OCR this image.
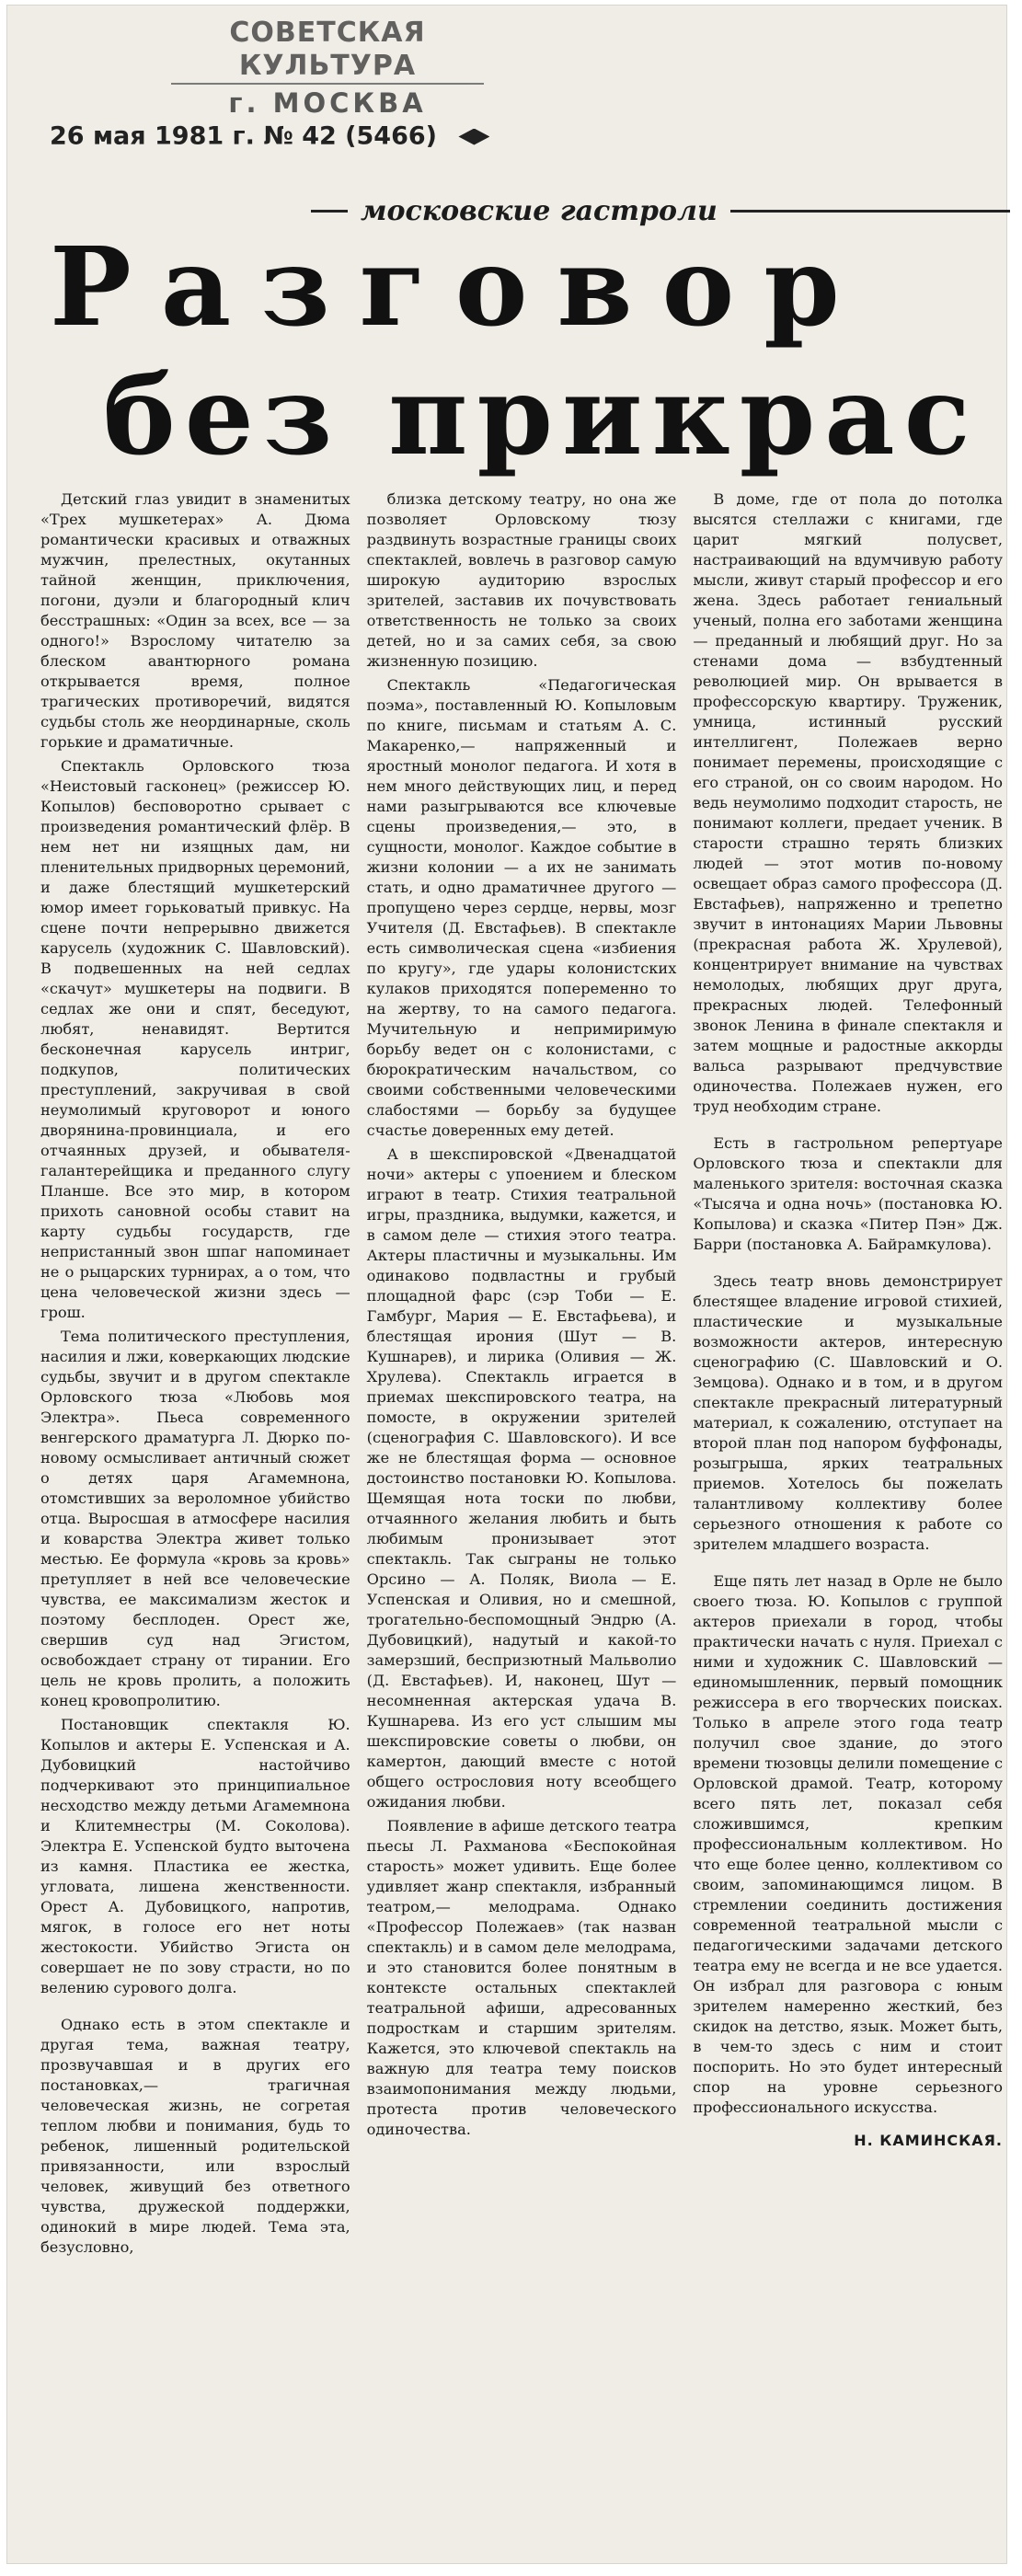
СОВЕТСКАЯ КУЛЬТУРА
г. МОСКВА
26 мая 1981 г. № 42 (5466)
московские гастроли
Разговор
без прикрас

Детский глаз увидит в знаменитых «Трех мушкетерах» А. Дюма романтически красивых и отважных мужчин, прелестных, окутанных тайной женщин, приключения, погони, дуэли и благородный клич бесстрашных: «Один за всех, все — за одного!» Взрослому читателю за блеском авантюрного романа открывается время, полное трагических противоречий, видятся судьбы столь же неординарные, сколь горькие и драматичные.

Спектакль Орловского тюза «Неистовый гасконец» (режиссер Ю. Копылов) бесповоротно срывает с произведения романтический флёр. В нем нет ни изящных дам, ни пленительных придворных церемоний, и даже блестящий мушкетерский юмор имеет горьковатый привкус. На сцене почти непрерывно движется карусель (художник С. Шавловский). В подвешенных на ней седлах «скачут» мушкетеры на подвиги. В седлах же они и спят, беседуют, любят, ненавидят. Вертится бесконечная карусель интриг, подкупов, политических преступлений, закручивая в свой неумолимый круговорот и юного дворянина-провинциала, и его отчаянных друзей, и обывателя-галантерейщика и преданного слугу Планше. Все это мир, в котором прихоть сановной особы ставит на карту судьбы государств, где непристанный звон шпаг напоминает не о рыцарских турнирах, а о том, что цена человеческой жизни здесь — грош.

Тема политического преступления, насилия и лжи, коверкающих людские судьбы, звучит и в другом спектакле Орловского тюза «Любовь моя Электра». Пьеса современного венгерского драматурга Л. Дюрко по-новому осмысливает античный сюжет о детях царя Агамемнона, отомстивших за вероломное убийство отца. Выросшая в атмосфере насилия и коварства Электра живет только местью. Ее формула «кровь за кровь» претупляет в ней все человеческие чувства, ее максимализм жесток и поэтому бесплоден. Орест же, свершив суд над Эгистом, освобождает страну от тирании. Его цель не кровь пролить, а положить конец кровопролитию.

Постановщик спектакля Ю. Копылов и актеры Е. Успенская и А. Дубовицкий настойчиво подчеркивают это принципиальное несходство между детьми Агамемнона и Клитемнестры (М. Соколова). Электра Е. Успенской будто выточена из камня. Пластика ее жестка, угловата, лишена женственности. Орест А. Дубовицкого, напротив, мягок, в голосе его нет ноты жестокости. Убийство Эгиста он совершает не по зову страсти, но по велению сурового долга.

Однако есть в этом спектакле и другая тема, важная театру, прозвучавшая и в других его постановках,— трагичная человеческая жизнь, не согретая теплом любви и понимания, будь то ребенок, лишенный родительской привязанности, или взрослый человек, живущий без ответного чувства, дружеской поддержки, одинокий в мире людей. Тема эта, безусловно,

близка детскому театру, но она же позволяет Орловскому тюзу раздвинуть возрастные границы своих спектаклей, вовлечь в разговор самую широкую аудиторию взрослых зрителей, заставив их почувствовать ответственность не только за своих детей, но и за самих себя, за свою жизненную позицию.

Спектакль «Педагогическая поэма», поставленный Ю. Копыловым по книге, письмам и статьям А. С. Макаренко,— напряженный и яростный монолог педагога. И хотя в нем много действующих лиц, и перед нами разыгрываются все ключевые сцены произведения,— это, в сущности, монолог. Каждое событие в жизни колонии — а их не занимать стать, и одно драматичнее другого — пропущено через сердце, нервы, мозг Учителя (Д. Евстафьев). В спектакле есть символическая сцена «избиения по кругу», где удары колонистских кулаков приходятся попеременно то на жертву, то на самого педагога. Мучительную и непримиримую борьбу ведет он с колонистами, с бюрократическим начальством, со своими собственными человеческими слабостями — борьбу за будущее счастье доверенных ему детей.

А в шекспировской «Двенадцатой ночи» актеры с упоением и блеском играют в театр. Стихия театральной игры, праздника, выдумки, кажется, и в самом деле — стихия этого театра. Актеры пластичны и музыкальны. Им одинаково подвластны и грубый площадной фарс (сэр Тоби — Е. Гамбург, Мария — Е. Евстафьева), и блестящая ирония (Шут — В. Кушнарев), и лирика (Оливия — Ж. Хрулева). Спектакль играется в приемах шекспировского театра, на помосте, в окружении зрителей (сценография С. Шавловского). И все же не блестящая форма — основное достоинство постановки Ю. Копылова. Щемящая нота тоски по любви, отчаянного желания любить и быть любимым пронизывает этот спектакль. Так сыграны не только Орсино — А. Поляк, Виола — Е. Успенская и Оливия, но и смешной, трогательно-беспомощный Эндрю (А. Дубовицкий), надутый и какой-то замерзший, беспризютный Мальволио (Д. Евстафьев). И, наконец, Шут — несомненная актерская удача В. Кушнарева. Из его уст слышим мы шекспировские советы о любви, он камертон, дающий вместе с нотой общего остроcловия ноту всеобщего ожидания любви.

Появление в афише детского театра пьесы Л. Рахманова «Беспокойная старость» может удивить. Еще более удивляет жанр спектакля, избранный театром,— мелодрама. Однако «Профессор Полежаев» (так назван спектакль) и в самом деле мелодрама, и это становится более понятным в контексте остальных спектаклей театральной афиши, адресованных подросткам и старшим зрителям. Кажется, это ключевой спектакль на важную для театра тему поисков взаимопонимания между людьми, протеста против человеческого одиночества.

В доме, где от пола до потолка высятся стеллажи с книгами, где царит мягкий полусвет, настраивающий на вдумчивую работу мысли, живут старый профессор и его жена. Здесь работает гениальный ученый, полна его заботами женщина — преданный и любящий друг. Но за стенами дома — взбудтенный революцией мир. Он врывается в профессорскую квартиру. Труженик, умница, истинный русский интеллигент, Полежаев верно понимает перемены, происходящие с его страной, он со своим народом. Но ведь неумолимо подходит старость, не понимают коллеги, предает ученик. В старости страшно терять близких людей — этот мотив по-новому освещает образ самого профессора (Д. Евстафьев), напряженно и трепетно звучит в интонациях Марии Львовны (прекрасная работа Ж. Хрулевой), концентрирует внимание на чувствах немолодых, любящих друг друга, прекрасных людей. Телефонный звонок Ленина в финале спектакля и затем мощные и радостные аккорды вальса разрывают предчувствие одиночества. Полежаев нужен, его труд необходим стране.

Есть в гастрольном репертуаре Орловского тюза и спектакли для маленького зрителя: восточная сказка «Тысяча и одна ночь» (постановка Ю. Копылова) и сказка «Питер Пэн» Дж. Барри (постановка А. Байрамкулова).

Здесь театр вновь демонстрирует блестящее владение игровой стихией, пластические и музыкальные возможности актеров, интересную сценографию (С. Шавловский и О. Земцова). Однако и в том, и в другом спектакле прекрасный литературный материал, к сожалению, отступает на второй план под напором буффонады, розыгрыша, ярких театральных приемов. Хотелось бы пожелать талантливому коллективу более серьезного отношения к работе со зрителем младшего возраста.

Еще пять лет назад в Орле не было своего тюза. Ю. Копылов с группой актеров приехали в город, чтобы практически начать с нуля. Приехал с ними и художник С. Шавловский — единомышленник, первый помощник режиссера в его творческих поисках. Только в апреле этого года театр получил свое здание, до этого времени тюзовцы делили помещение с Орловской драмой. Театр, которому всего пять лет, показал себя сложившимся, крепким профессиональным коллективом. Но что еще более ценно, коллективом со своим, запоминающимся лицом. В стремлении соединить достижения современной театральной мысли с педагогическими задачами детского театра ему не всегда и не все удается. Он избрал для разговора с юным зрителем намеренно жесткий, без скидок на детство, язык. Может быть, в чем-то здесь с ним и стоит поспорить. Но это будет интересный спор на уровне серьезного профессионального искусства.

Н. КАМИНСКАЯ.
